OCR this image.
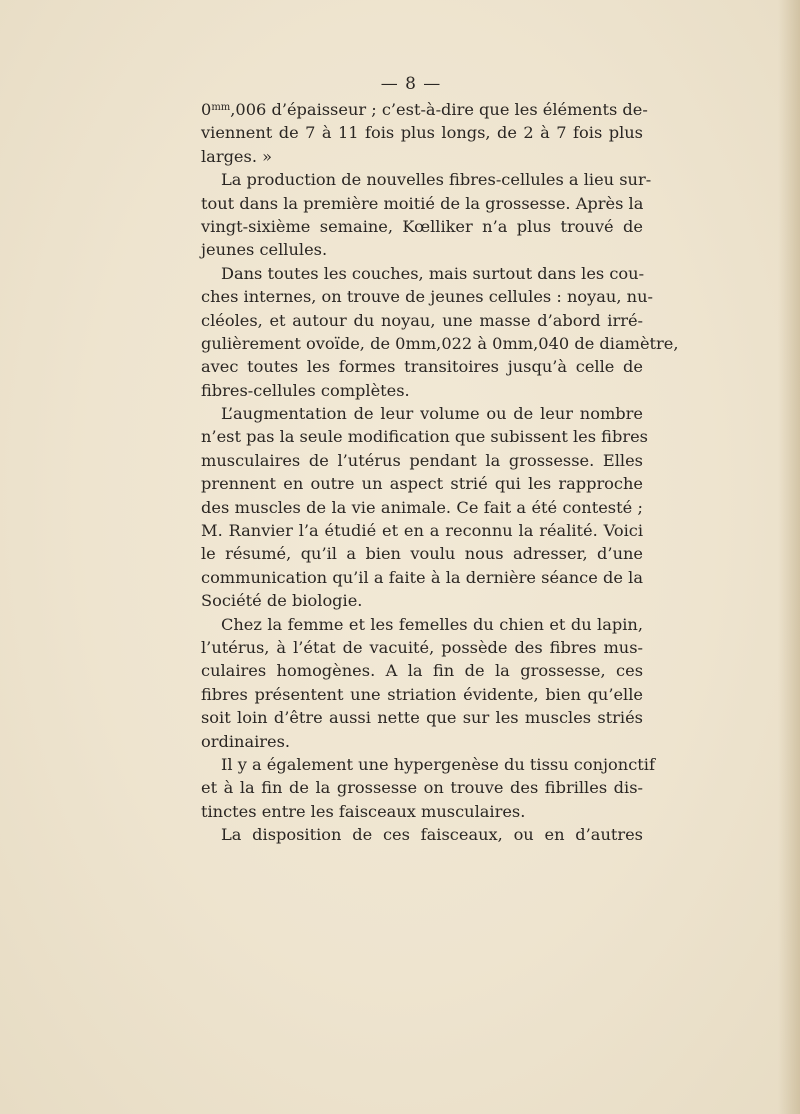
— 8 —
$0^{mm},006$ d’épaisseur ; c’est-à-dire que les éléments de-
viennent de 7 à 11 fois plus longs, de 2 à 7 fois plus
larges. »
La production de nouvelles fibres-cellules a lieu sur-
tout dans la première moitié de la grossesse. Après la
vingt-sixième semaine, Kœlliker n’a plus trouvé de
jeunes cellules.
Dans toutes les couches, mais surtout dans les cou-
ches internes, on trouve de jeunes cellules : noyau, nu-
cléoles, et autour du noyau, une masse d’abord irré-
gulièrement ovoïde, de 0mm,022 à 0mm,040 de diamètre,
avec toutes les formes transitoires jusqu’à celle de
fibres-cellules complètes.
L’augmentation de leur volume ou de leur nombre
n’est pas la seule modification que subissent les fibres
musculaires de l’utérus pendant la grossesse. Elles
prennent en outre un aspect strié qui les rapproche
des muscles de la vie animale. Ce fait a été contesté ;
M. Ranvier l’a étudié et en a reconnu la réalité. Voici
le résumé, qu’il a bien voulu nous adresser, d’une
communication qu’il a faite à la dernière séance de la
Société de biologie.
Chez la femme et les femelles du chien et du lapin,
l’utérus, à l’état de vacuité, possède des fibres mus-
culaires homogènes. A la fin de la grossesse, ces
fibres présentent une striation évidente, bien qu’elle
soit loin d’être aussi nette que sur les muscles striés
ordinaires.
Il y a également une hypergenèse du tissu conjonctif
et à la fin de la grossesse on trouve des fibrilles dis-
tinctes entre les faisceaux musculaires.
La disposition de ces faisceaux, ou en d’autres
